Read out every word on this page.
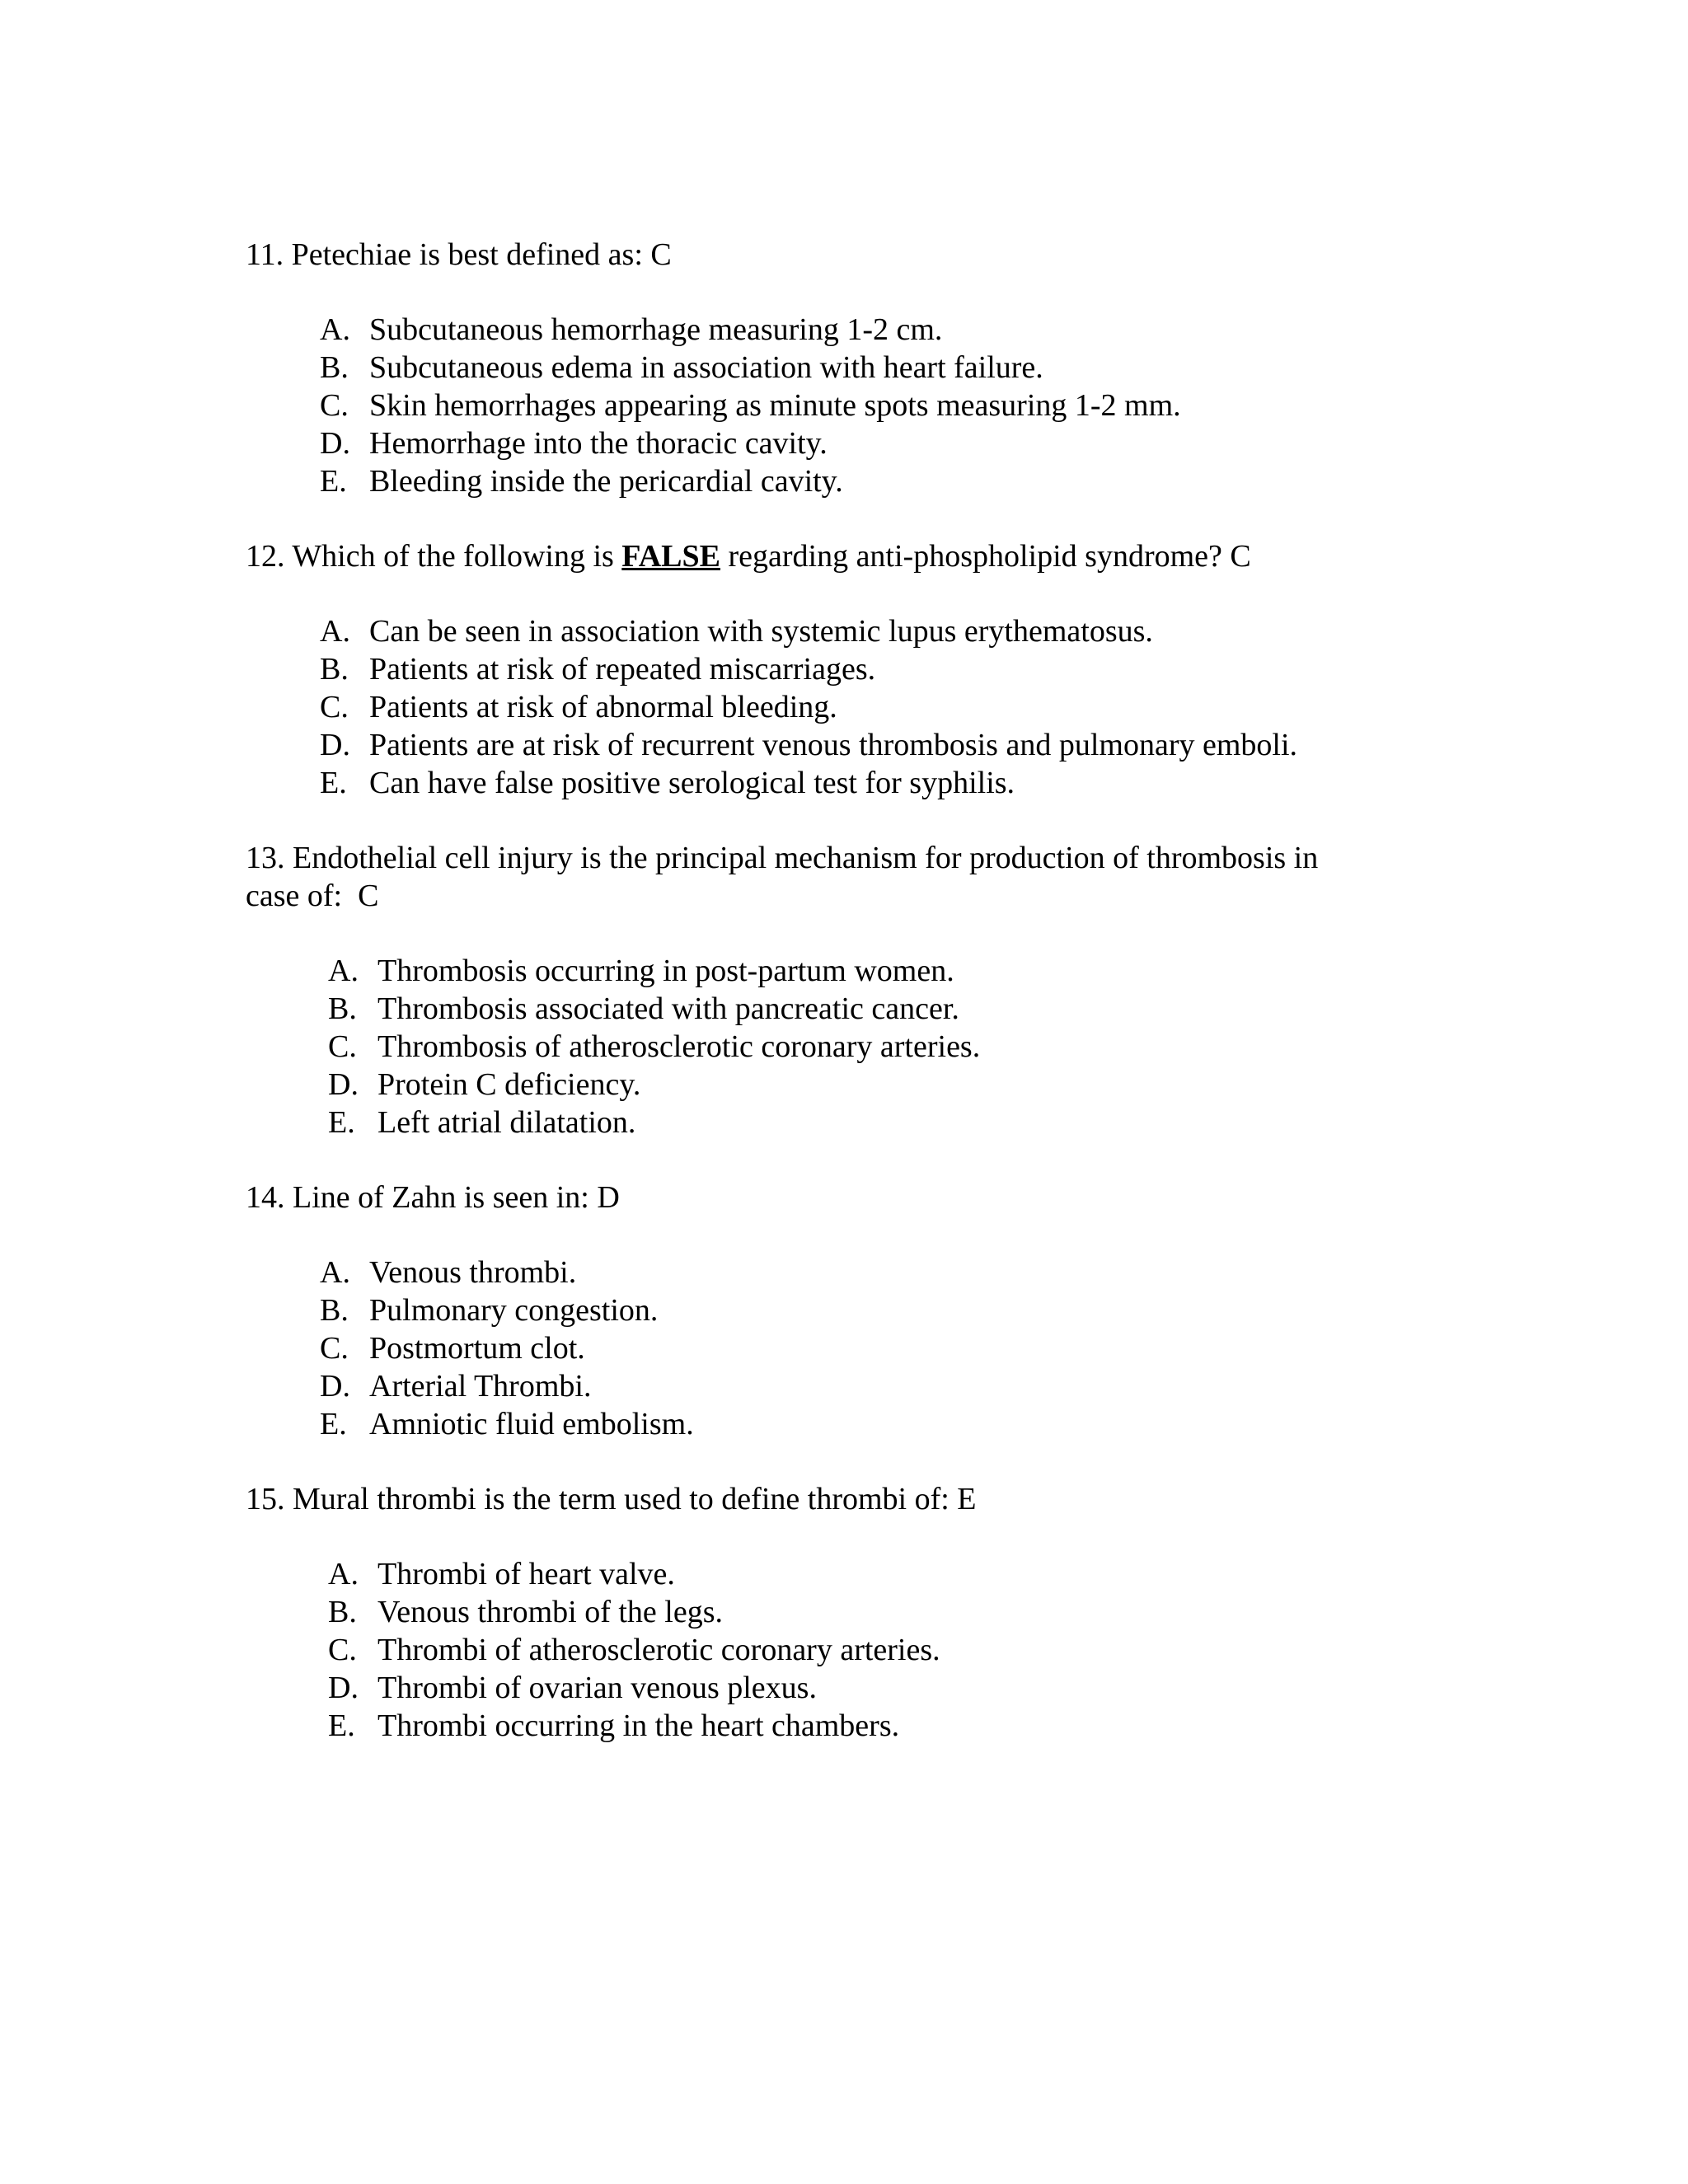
11. Petechiae is best defined as: C

A. Subcutaneous hemorrhage measuring 1-2 cm.
B. Subcutaneous edema in association with heart failure.
C. Skin hemorrhages appearing as minute spots measuring 1-2 mm.
D. Hemorrhage into the thoracic cavity.
E. Bleeding inside the pericardial cavity.

12. Which of the following is FALSE regarding anti-phospholipid syndrome? C

A. Can be seen in association with systemic lupus erythematosus.
B. Patients at risk of repeated miscarriages.
C. Patients at risk of abnormal bleeding.
D. Patients are at risk of recurrent venous thrombosis and pulmonary emboli.
E. Can have false positive serological test for syphilis.

13. Endothelial cell injury is the principal mechanism for production of thrombosis in
case of:  C

A. Thrombosis occurring in post-partum women.
B. Thrombosis associated with pancreatic cancer.
C. Thrombosis of atherosclerotic coronary arteries.
D. Protein C deficiency.
E. Left atrial dilatation.

14. Line of Zahn is seen in: D

A. Venous thrombi.
B. Pulmonary congestion.
C. Postmortum clot.
D. Arterial Thrombi.
E. Amniotic fluid embolism.

15. Mural thrombi is the term used to define thrombi of: E

A. Thrombi of heart valve.
B. Venous thrombi of the legs.
C. Thrombi of atherosclerotic coronary arteries.
D. Thrombi of ovarian venous plexus.
E. Thrombi occurring in the heart chambers.
